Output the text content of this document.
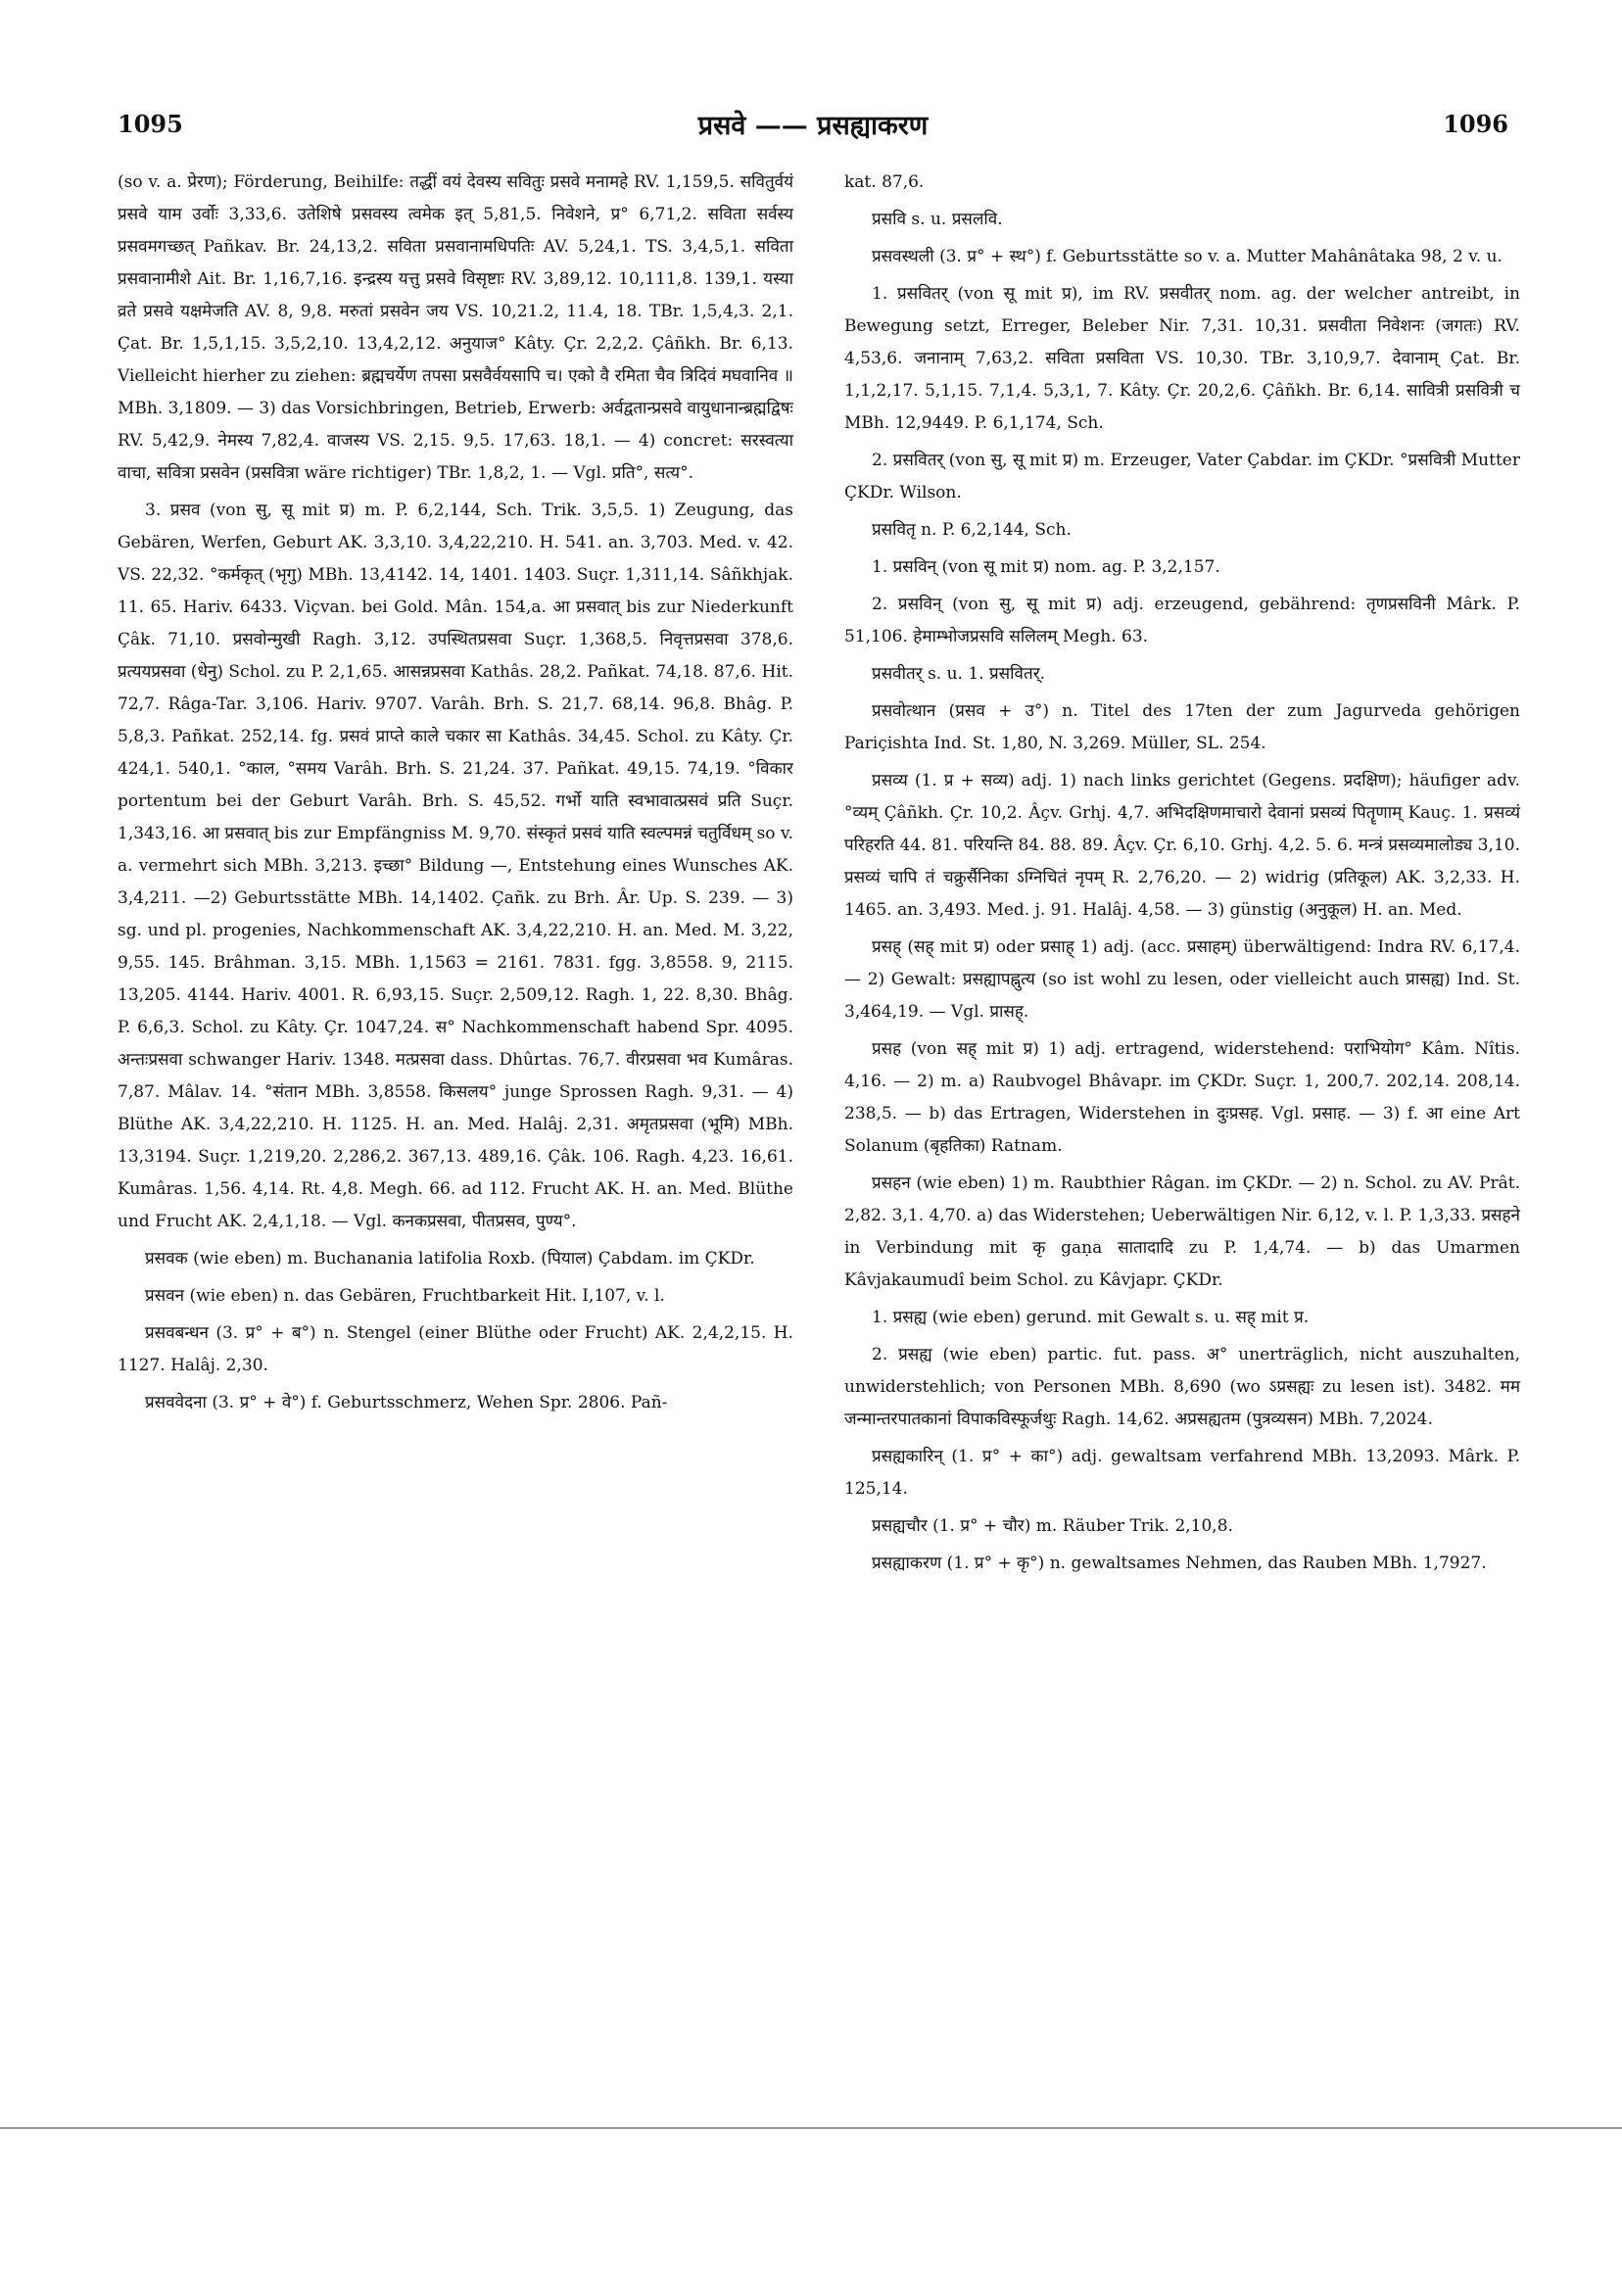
1095	प्रसवे —— प्रसह्याकरण	1096

(so v. a. प्रेरण); Förderung, Beihilfe: तद्धीं वयं देवस्य सवितुः प्रसवे मनामहे RV. 1,159,5. सवितुर्वयं प्रसवे याम उर्वोः 3,33,6. उतेशिषे प्रसवस्य त्वमेक इत् 5,81,5. निवेशने, प्र° 6,71,2. सविता सर्वस्य प्रसवमगच्छत् Pañkav. Br. 24,13,2. सविता प्रसवानामधिपतिः AV. 5,24,1. TS. 3,4,5,1. सविता प्रसवानामीशे Ait. Br. 1,16,7,16. इन्द्रस्य यत्तु प्रसवे विसृष्टाः RV. 3,89,12. 10,111,8. 139,1. यस्या व्रते प्रसवे यक्षमेजति AV. 8, 9,8. मरुतां प्रसवेन जय VS. 10,21.2, 11.4, 18. TBr. 1,5,4,3. 2,1. Çat. Br. 1,5,1,15. 3,5,2,10. 13,4,2,12. अनुयाज° Kâty. Çr. 2,2,2. Çâñkh. Br. 6,13. Vielleicht hierher zu ziehen: ब्रह्मचर्येण तपसा प्रसवैर्वयसापि च। एको वै रमिता चैव त्रिदिवं मघवानिव ॥ MBh. 3,1809. — 3) das Vorsichbringen, Betrieb, Erwerb: अर्वद्वतान्प्रसवे वायुधानान्ब्रह्मद्विषः RV. 5,42,9. नेमस्य 7,82,4. वाजस्य VS. 2,15. 9,5. 17,63. 18,1. — 4) concret: सरस्वत्या वाचा, सवित्रा प्रसवेन (प्रसवित्रा wäre richtiger) TBr. 1,8,2, 1. — Vgl. प्रति°, सत्य°.

3. प्रसव (von सु, सू mit प्र) m. P. 6,2,144, Sch. Trik. 3,5,5. 1) Zeugung, das Gebären, Werfen, Geburt AK. 3,3,10. 3,4,22,210. H. 541. an. 3,703. Med. v. 42. VS. 22,32. °कर्मकृत् (भृगु) MBh. 13,4142. 14, 1401. 1403. Suçr. 1,311,14. Sâñkhjak. 11. 65. Hariv. 6433. Viçvan. bei Gold. Mân. 154,a. आ प्रसवात् bis zur Niederkunft Çâk. 71,10. प्रसवोन्मुखी Ragh. 3,12. उपस्थितप्रसवा Suçr. 1,368,5. निवृत्तप्रसवा 378,6. प्रत्ययप्रसवा (धेनु) Schol. zu P. 2,1,65. आसन्नप्रसवा Kathâs. 28,2. Pañkat. 74,18. 87,6. Hit. 72,7. Râga-Tar. 3,106. Hariv. 9707. Varâh. Brh. S. 21,7. 68,14. 96,8. Bhâg. P. 5,8,3. Pañkat. 252,14. fg. प्रसवं प्राप्ते काले चकार सा Kathâs. 34,45. Schol. zu Kâty. Çr. 424,1. 540,1. °काल, °समय Varâh. Brh. S. 21,24. 37. Pañkat. 49,15. 74,19. °विकार portentum bei der Geburt Varâh. Brh. S. 45,52. गर्भो याति स्वभावात्प्रसवं प्रति Suçr. 1,343,16. आ प्रसवात् bis zur Empfängniss M. 9,70. संस्कृतं प्रसवं याति स्वल्पमन्नं चतुर्विधम् so v. a. vermehrt sich MBh. 3,213. इच्छा° Bildung —, Entstehung eines Wunsches AK. 3,4,211. —2) Geburtsstätte MBh. 14,1402. Çañk. zu Brh. Âr. Up. S. 239. — 3) sg. und pl. progenies, Nachkommenschaft AK. 3,4,22,210. H. an. Med. M. 3,22, 9,55. 145. Brâhman. 3,15. MBh. 1,1563 = 2161. 7831. fgg. 3,8558. 9, 2115. 13,205. 4144. Hariv. 4001. R. 6,93,15. Suçr. 2,509,12. Ragh. 1, 22. 8,30. Bhâg. P. 6,6,3. Schol. zu Kâty. Çr. 1047,24. स° Nachkommenschaft habend Spr. 4095. अन्तःप्रसवा schwanger Hariv. 1348. मत्प्रसवा dass. Dhûrtas. 76,7. वीरप्रसवा भव Kumâras. 7,87. Mâlav. 14. °संतान MBh. 3,8558. किसलय° junge Sprossen Ragh. 9,31. — 4) Blüthe AK. 3,4,22,210. H. 1125. H. an. Med. Halâj. 2,31. अमृतप्रसवा (भूमि) MBh. 13,3194. Suçr. 1,219,20. 2,286,2. 367,13. 489,16. Çâk. 106. Ragh. 4,23. 16,61. Kumâras. 1,56. 4,14. Rt. 4,8. Megh. 66. ad 112. Frucht AK. H. an. Med. Blüthe und Frucht AK. 2,4,1,18. — Vgl. कनकप्रसवा, पीतप्रसव, पुण्य°.

प्रसवक (wie eben) m. Buchanania latifolia Roxb. (पियाल) Çabdam. im ÇKDr.

प्रसवन (wie eben) n. das Gebären, Fruchtbarkeit Hit. I,107, v. l.

प्रसवबन्धन (3. प्र° + ब°) n. Stengel (einer Blüthe oder Frucht) AK. 2,4,2,15. H. 1127. Halâj. 2,30.

प्रसववेदना (3. प्र° + वे°) f. Geburtsschmerz, Wehen Spr. 2806. Pañ-

kat. 87,6.

प्रसवि s. u. प्रसलवि.

प्रसवस्थली (3. प्र° + स्थ°) f. Geburtsstätte so v. a. Mutter Mahânâtaka 98, 2 v. u.

1. प्रसवितर् (von सू mit प्र), im RV. प्रसवीतर् nom. ag. der welcher antreibt, in Bewegung setzt, Erreger, Beleber Nir. 7,31. 10,31. प्रसवीता निवेशनः (जगतः) RV. 4,53,6. जनानाम् 7,63,2. सविता प्रसविता VS. 10,30. TBr. 3,10,9,7. देवानाम् Çat. Br. 1,1,2,17. 5,1,15. 7,1,4. 5,3,1, 7. Kâty. Çr. 20,2,6. Çâñkh. Br. 6,14. सावित्री प्रसवित्री च MBh. 12,9449. P. 6,1,174, Sch.

2. प्रसवितर् (von सु, सू mit प्र) m. Erzeuger, Vater Çabdar. im ÇKDr. °प्रसवित्री Mutter ÇKDr. Wilson.

प्रसवितृ n. P. 6,2,144, Sch.

1. प्रसविन् (von सू mit प्र) nom. ag. P. 3,2,157.

2. प्रसविन् (von सु, सू mit प्र) adj. erzeugend, gebährend: तृणप्रसविनी Mârk. P. 51,106. हेमाम्भोजप्रसवि सलिलम् Megh. 63.

प्रसवीतर् s. u. 1. प्रसवितर्.

प्रसवोत्थान (प्रसव + उ°) n. Titel des 17ten der zum Jagurveda gehörigen Pariçishta Ind. St. 1,80, N. 3,269. Müller, SL. 254.

प्रसव्य (1. प्र + सव्य) adj. 1) nach links gerichtet (Gegens. प्रदक्षिण); häufiger adv. °व्यम् Çâñkh. Çr. 10,2. Âçv. Grhj. 4,7. अभिदक्षिणमाचारो देवानां प्रसव्यं पितॄणाम् Kauç. 1. प्रसव्यं परिहरति 44. 81. परियन्ति 84. 88. 89. Âçv. Çr. 6,10. Grhj. 4,2. 5. 6. मन्त्रं प्रसव्यमालोड्य 3,10. प्रसव्यं चापि तं चक्रुर्सैनिका ऽग्निचितं नृपम् R. 2,76,20. — 2) widrig (प्रतिकूल) AK. 3,2,33. H. 1465. an. 3,493. Med. j. 91. Halâj. 4,58. — 3) günstig (अनुकूल) H. an. Med.

प्रसह् (सह् mit प्र) oder प्रसाह् 1) adj. (acc. प्रसाहम्) überwältigend: Indra RV. 6,17,4. — 2) Gewalt: प्रसह्यापह्नुत्य (so ist wohl zu lesen, oder vielleicht auch प्रासह्य) Ind. St. 3,464,19. — Vgl. प्रासह्.

प्रसह (von सह् mit प्र) 1) adj. ertragend, widerstehend: पराभियोग° Kâm. Nîtis. 4,16. — 2) m. a) Raubvogel Bhâvapr. im ÇKDr. Suçr. 1, 200,7. 202,14. 208,14. 238,5. — b) das Ertragen, Widerstehen in दुःप्रसह. Vgl. प्रसाह. — 3) f. आ eine Art Solanum (बृहतिका) Ratnam.

प्रसहन (wie eben) 1) m. Raubthier Râgan. im ÇKDr. — 2) n. Schol. zu AV. Prât. 2,82. 3,1. 4,70. a) das Widerstehen; Ueberwältigen Nir. 6,12, v. l. P. 1,3,33. प्रसहने in Verbindung mit कृ gaṇa सातादादि zu P. 1,4,74. — b) das Umarmen Kâvjakaumudî beim Schol. zu Kâvjapr. ÇKDr.

1. प्रसह्य (wie eben) gerund. mit Gewalt s. u. सह् mit प्र.

2. प्रसह्य (wie eben) partic. fut. pass. अ° unerträglich, nicht auszuhalten, unwiderstehlich; von Personen MBh. 8,690 (wo ऽप्रसह्यः zu lesen ist). 3482. मम जन्मान्तरपातकानां विपाकविस्फूर्जथुः Ragh. 14,62. अप्रसह्यतम (पुत्रव्यसन) MBh. 7,2024.

प्रसह्यकारिन् (1. प्र° + का°) adj. gewaltsam verfahrend MBh. 13,2093. Mârk. P. 125,14.

प्रसह्यचौर (1. प्र° + चौर) m. Räuber Trik. 2,10,8.

प्रसह्याकरण (1. प्र° + कृ°) n. gewaltsames Nehmen, das Rauben MBh. 1,7927.
